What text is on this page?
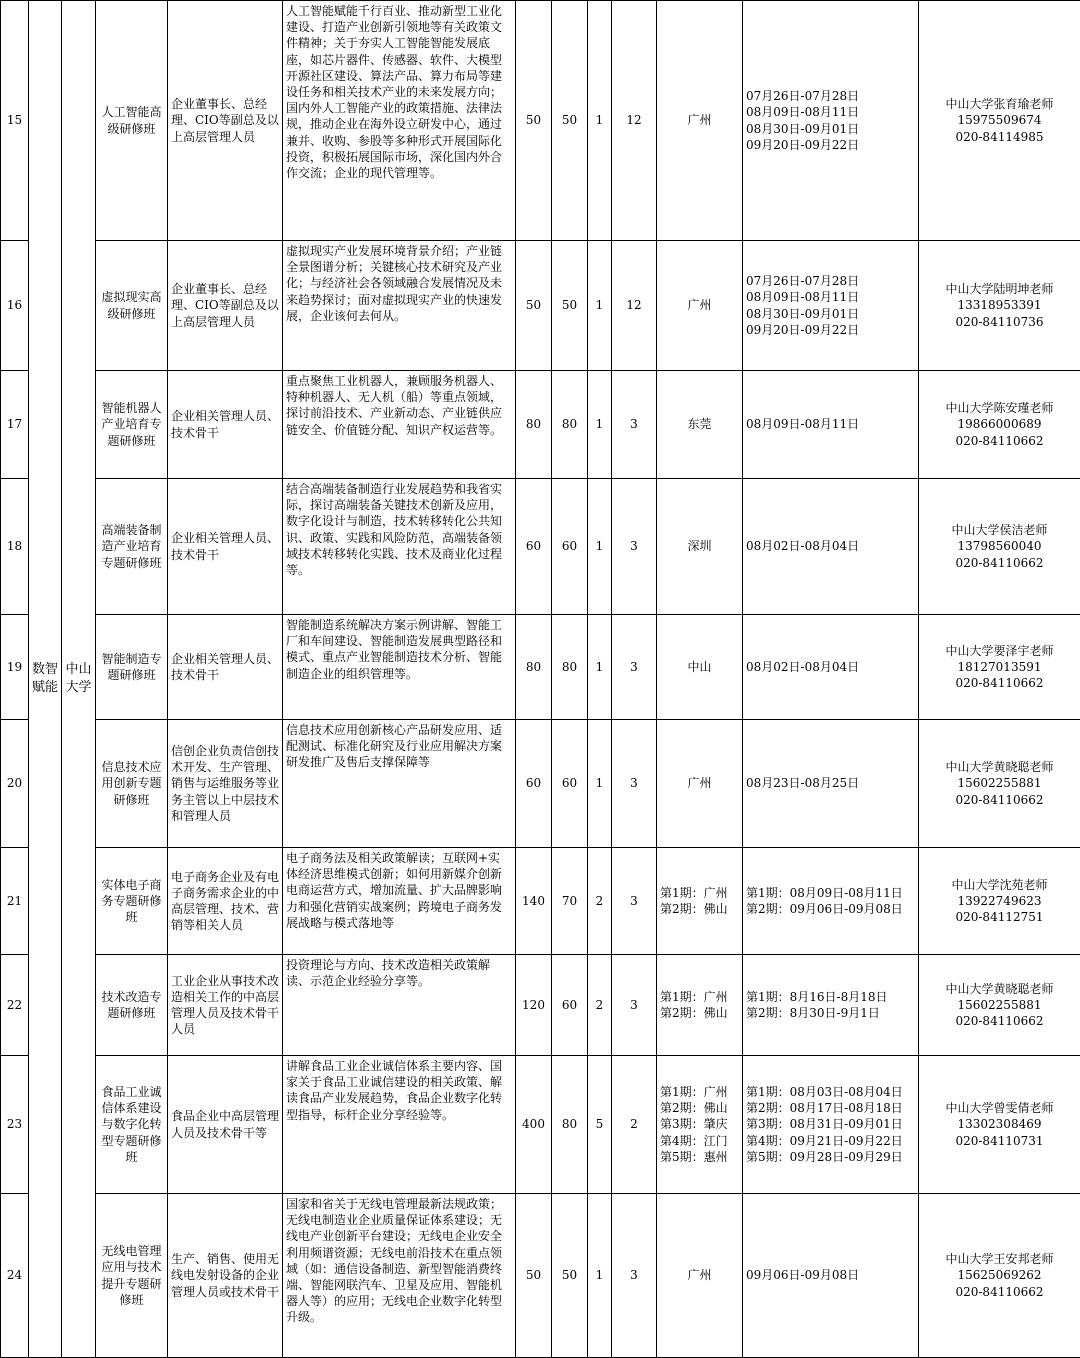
15	数智赋能	中山大学	人工智能高级研修班	企业董事长、总经理、CIO等副总及以上高层管理人员	人工智能赋能千行百业、推动新型工业化建设、打造产业创新引领地等有关政策文件精神；关于夯实人工智能智能发展底座，如芯片器件、传感器、软件、大模型开源社区建设、算法产品、算力布局等建设任务和相关技术产业的未来发展方向；国内外人工智能产业的政策措施、法律法规，推动企业在海外设立研发中心，通过兼并、收购、参股等多种形式开展国际化投资，积极拓展国际市场，深化国内外合作交流；企业的现代管理等。	50	50	1	12	广州	07月26日-07月28日
08月09日-08月11日
08月30日-09月01日
09月20日-09月22日	中山大学张育瑜老师
15975509674
020-84114985

16			虚拟现实高级研修班	企业董事长、总经理、CIO等副总及以上高层管理人员	虚拟现实产业发展环境背景介绍；产业链全景图谱分析；关键核心技术研究及产业化；与经济社会各领域融合发展情况及未来趋势探讨；面对虚拟现实产业的快速发展，企业该何去何从。	50	50	1	12	广州	07月26日-07月28日
08月09日-08月11日
08月30日-09月01日
09月20日-09月22日	中山大学陆明坤老师
13318953391
020-84110736

17			智能机器人产业培育专题研修班	企业相关管理人员、技术骨干	重点聚焦工业机器人，兼顾服务机器人、特种机器人、无人机（船）等重点领域，探讨前沿技术、产业新动态、产业链供应链安全、价值链分配、知识产权运营等。	80	80	1	3	东莞	08月09日-08月11日	中山大学陈安瑾老师
19866000689
020-84110662

18			高端装备制造产业培育专题研修班	企业相关管理人员、技术骨干	结合高端装备制造行业发展趋势和我省实际，探讨高端装备关键技术创新及应用，数字化设计与制造，技术转移转化公共知识、政策、实践和风险防范，高端装备领域技术转移转化实践、技术及商业化过程等。	60	60	1	3	深圳	08月02日-08月04日	中山大学侯洁老师
13798560040
020-84110662

19			智能制造专题研修班	企业相关管理人员、技术骨干	智能制造系统解决方案示例讲解、智能工厂和车间建设、智能制造发展典型路径和模式、重点产业智能制造技术分析、智能制造企业的组织管理等。	80	80	1	3	中山	08月02日-08月04日	中山大学要泽宇老师
18127013591
020-84110662

20			信息技术应用创新专题研修班	信创企业负责信创技术开发、生产管理、销售与运维服务等业务主管以上中层技术和管理人员	信息技术应用创新核心产品研发应用、适配测试、标准化研究及行业应用解决方案研发推广及售后支撑保障等	60	60	1	3	广州	08月23日-08月25日	中山大学黄晓聪老师
15602255881
020-84110662

21			实体电子商务专题研修班	电子商务企业及有电子商务需求企业的中高层管理、技术、营销等相关人员	电子商务法及相关政策解读；互联网+实体经济思维模式创新；如何用新媒介创新电商运营方式，增加流量、扩大品牌影响力和强化营销实战案例；跨境电子商务发展战略与模式落地等	140	70	2	3	第1期：广州
第2期：佛山	第1期：08月09日-08月11日
第2期：09月06日-09月08日	中山大学沈苑老师
13922749623
020-84112751

22			技术改造专题研修班	工业企业从事技术改造相关工作的中高层管理人员及技术骨干人员	投资理论与方向、技术改造相关政策解读、示范企业经验分享等。	120	60	2	3	第1期：广州
第2期：佛山	第1期：8月16日-8月18日
第2期：8月30日-9月1日	中山大学黄晓聪老师
15602255881
020-84110662

23			食品工业诚信体系建设与数字化转型专题研修班	食品企业中高层管理人员及技术骨干等	讲解食品工业企业诚信体系主要内容、国家关于食品工业诚信建设的相关政策、解读食品产业发展趋势，食品企业数字化转型指导，标杆企业分享经验等。	400	80	5	2	第1期：广州
第2期：佛山
第3期：肇庆
第4期：江门
第5期：惠州	第1期：08月03日-08月04日
第2期：08月17日-08月18日
第3期：08月31日-09月01日
第4期：09月21日-09月22日
第5期：09月28日-09月29日	中山大学曾雯倩老师
13302308469
020-84110731

24			无线电管理应用与技术提升专题研修班	生产、销售、使用无线电发射设备的企业管理人员或技术骨干	国家和省关于无线电管理最新法规政策；无线电制造业企业质量保证体系建设；无线电产业创新平台建设；无线电企业安全利用频谱资源；无线电前沿技术在重点领域（如：通信设备制造、新型智能消费终端、智能网联汽车、卫星及应用、智能机器人等）的应用；无线电企业数字化转型升级。	50	50	1	3	广州	09月06日-09月08日	中山大学王安邦老师
15625069262
020-84110662
